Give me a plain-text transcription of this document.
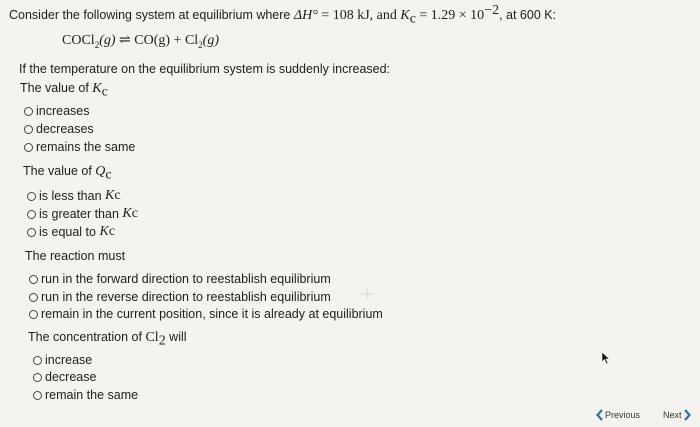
Consider the following system at equilibrium where ΔH° = 108 kJ, and $K_c = 1.29 \times 10^{-2}$, at 600 K:
COCl$_2$(g) ⇌ $CO(g) + Cl_2(g)$
If the temperature on the equilibrium system is suddenly increased:
The value of $K_c$
increases
decreases
remains the same
The value of $Q_c$
is less than
K c
is greater than
K c
is equal to
K c
The reaction must
run in the forward direction to reestablish equilibrium
run in the reverse direction to reestablish equilibrium
remain in the current position, since it is already at equilibrium
The concentration of $Cl_2$ will
increase
decrease
remain the same
Previous	Next
